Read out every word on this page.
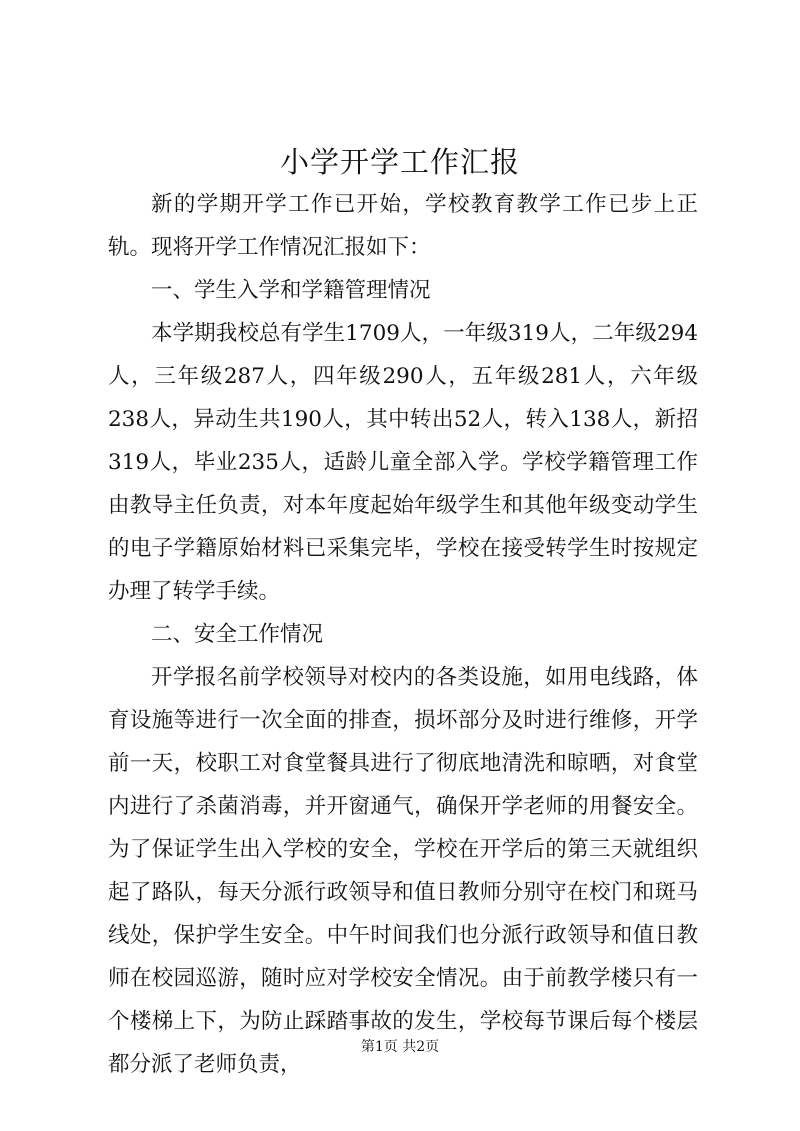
小学开学工作汇报

新的学期开学工作已开始，学校教育教学工作已步上正轨。现将开学工作情况汇报如下：

一、学生入学和学籍管理情况

本学期我校总有学生1709人，一年级319人，二年级294人，三年级287人，四年级290人，五年级281人，六年级238人，异动生共190人，其中转出52人，转入138人，新招319人，毕业235人，适龄儿童全部入学。学校学籍管理工作由教导主任负责，对本年度起始年级学生和其他年级变动学生的电子学籍原始材料已采集完毕，学校在接受转学生时按规定办理了转学手续。

二、安全工作情况

开学报名前学校领导对校内的各类设施，如用电线路，体育设施等进行一次全面的排查，损坏部分及时进行维修，开学前一天，校职工对食堂餐具进行了彻底地清洗和晾晒，对食堂内进行了杀菌消毒，并开窗通气，确保开学老师的用餐安全。为了保证学生出入学校的安全，学校在开学后的第三天就组织起了路队，每天分派行政领导和值日教师分别守在校门和斑马线处，保护学生安全。中午时间我们也分派行政领导和值日教师在校园巡游，随时应对学校安全情况。由于前教学楼只有一个楼梯上下，为防止踩踏事故的发生，学校每节课后每个楼层都分派了老师负责，

第1页 共2页
